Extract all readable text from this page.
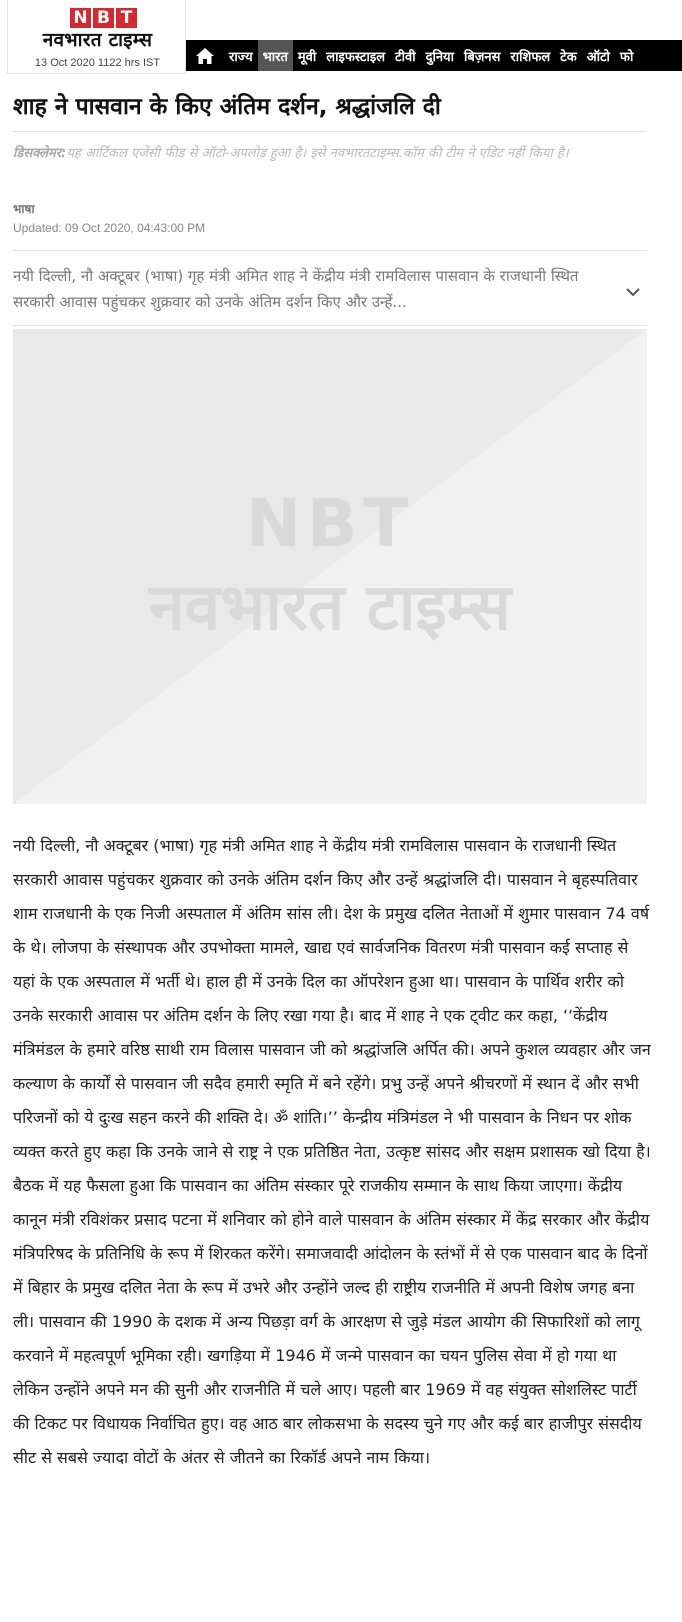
N B T
नवभारत टाइम्स
13 Oct 2020 1122 hrs IST	राज्य भारत मूवी लाइफस्टाइल टीवी दुनिया बिज़नस राशिफल टेक ऑटो फो
शाह ने पासवान के किए अंतिम दर्शन, श्रद्धांजलि दी

डिसक्लेमर:यह आर्टिकल एजेंसी फीड से ऑटो-अपलोड हुआ है। इसे नवभारतटाइम्स.कॉम की टीम ने एडिट नहीं किया है।

भाषा
Updated: 09 Oct 2020, 04:43:00 PM

नयी दिल्ली, नौ अक्टूबर (भाषा) गृह मंत्री अमित शाह ने केंद्रीय मंत्री रामविलास पासवान के राजधानी स्थित सरकारी आवास पहुंचकर शुक्रवार को उनके अंतिम दर्शन किए और उन्हें...

NBT
नवभारत टाइम्स
नयी दिल्ली, नौ अक्टूबर (भाषा) गृह मंत्री अमित शाह ने केंद्रीय मंत्री रामविलास पासवान के राजधानी स्थित सरकारी आवास पहुंचकर शुक्रवार को उनके अंतिम दर्शन किए और उन्हें श्रद्धांजलि दी। पासवान ने बृहस्पतिवार शाम राजधानी के एक निजी अस्पताल में अंतिम सांस ली। देश के प्रमुख दलित नेताओं में शुमार पासवान 74 वर्ष के थे। लोजपा के संस्थापक और उपभोक्ता मामले, खाद्य एवं सार्वजनिक वितरण मंत्री पासवान कई सप्ताह से यहां के एक अस्पताल में भर्ती थे। हाल ही में उनके दिल का ऑपरेशन हुआ था। पासवान के पार्थिव शरीर को उनके सरकारी आवास पर अंतिम दर्शन के लिए रखा गया है। बाद में शाह ने एक ट्वीट कर कहा, ‘‘केंद्रीय मंत्रिमंडल के हमारे वरिष्ठ साथी राम विलास पासवान जी को श्रद्धांजलि अर्पित की। अपने कुशल व्यवहार और जन कल्याण के कार्यों से पासवान जी सदैव हमारी स्मृति में बने रहेंगे। प्रभु उन्हें अपने श्रीचरणों में स्थान दें और सभी परिजनों को ये दुःख सहन करने की शक्ति दे। ॐ शांति।’’ केन्द्रीय मंत्रिमंडल ने भी पासवान के निधन पर शोक व्यक्त करते हुए कहा कि उनके जाने से राष्ट्र ने एक प्रतिष्ठित नेता, उत्कृष्ट सांसद और सक्षम प्रशासक खो दिया है। बैठक में यह फैसला हुआ कि पासवान का अंतिम संस्कार पूरे राजकीय सम्मान के साथ किया जाएगा। केंद्रीय कानून मंत्री रविशंकर प्रसाद पटना में शनिवार को होने वाले पासवान के अंतिम संस्कार में केंद्र सरकार और केंद्रीय मंत्रिपरिषद के प्रतिनिधि के रूप में शिरकत करेंगे। समाजवादी आंदोलन के स्तंभों में से एक पासवान बाद के दिनों में बिहार के प्रमुख दलित नेता के रूप में उभरे और उन्होंने जल्द ही राष्ट्रीय राजनीति में अपनी विशेष जगह बना ली। पासवान की 1990 के दशक में अन्य पिछड़ा वर्ग के आरक्षण से जुड़े मंडल आयोग की सिफारिशों को लागू करवाने में महत्वपूर्ण भूमिका रही। खगड़िया में 1946 में जन्मे पासवान का चयन पुलिस सेवा में हो गया था लेकिन उन्होंने अपने मन की सुनी और राजनीति में चले आए। पहली बार 1969 में वह संयुक्त सोशलिस्ट पार्टी की टिकट पर विधायक निर्वाचित हुए। वह आठ बार लोकसभा के सदस्य चुने गए और कई बार हाजीपुर संसदीय सीट से सबसे ज्यादा वोटों के अंतर से जीतने का रिकॉर्ड अपने नाम किया।
